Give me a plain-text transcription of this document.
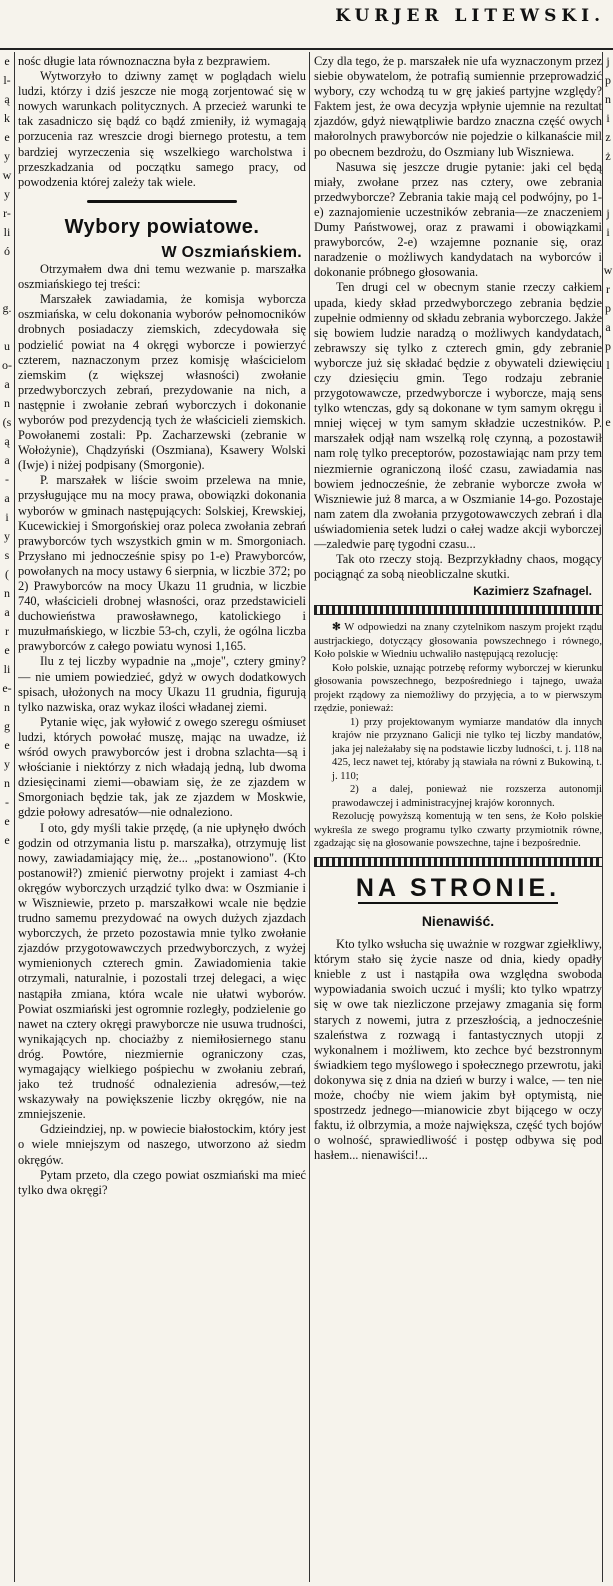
KURJER LITEWSKI.
e
l-
ą
k
e
y
w
y
r-
li
ó

g.

u
o-
a
n
(s
ą
a
-
a
i
y
s
(
n
a
r
e
li
e-
n
g
e
y
n
-
e
e
j
p
n
i
z
ż

j
i

w
r
p
a
p
l

e

nośc długie lata równoznaczna była z bezprawiem.

Wytworzyło to dziwny zamęt w poglądach wielu ludzi, którzy i dziś jeszcze nie mogą zorjentować się w nowych warunkach politycznych. A przecież warunki te tak zasadniczo się bądź co bądź zmieniły, iż wymagają porzucenia raz wreszcie drogi biernego protestu, a tem bardziej wyrzeczenia się wszelkiego warcholstwa i przeszkadzania od początku samego pracy, od powodzenia której zależy tak wiele.

Wybory powiatowe.
W Oszmiańskiem.

Otrzymałem dwa dni temu wezwanie p. marszałka oszmiańskiego tej treści:

Marszałek zawiadamia, że komisja wyborcza oszmiańska, w celu dokonania wyborów pełnomocników drobnych posiadaczy ziemskich, zdecydowała się podzielić powiat na 4 okręgi wyborcze i powierzyć czterem, naznaczonym przez komisję właścicielom ziemskim (z większej własności) zwołanie przedwyborczych zebrań, prezydowanie na nich, a następnie i zwołanie zebrań wyborczych i dokonanie wyborów pod prezydencją tych że właścicieli ziemskich. Powołanemi zostali: Pp. Zacharzewski (zebranie w Wołożynie), Chądzyński (Oszmiana), Ksawery Wolski (Iwje) i niżej podpisany (Smorgonie).

P. marszałek w liście swoim przelewa na mnie, przysługujące mu na mocy prawa, obowiązki dokonania wyborów w gminach następujących: Solskiej, Krewskiej, Kucewickiej i Smorgońskiej oraz poleca zwołania zebrań prawyborców tych wszystkich gmin w m. Smorgoniach. Przysłano mi jednocześnie spisy po 1-e) Prawyborców, powołanych na mocy ustawy 6 sierpnia, w liczbie 372; po 2) Prawyborców na mocy Ukazu 11 grudnia, w liczbie 740, właścicieli drobnej własności, oraz przedstawicieli duchowieństwa prawosławnego, katolickiego i muzułmańskiego, w liczbie 53-ch, czyli, że ogólna liczba prawyborców z całego powiatu wynosi 1,165.

Ilu z tej liczby wypadnie na „moje", cztery gminy? — nie umiem powiedzieć, gdyż w owych dodatkowych spisach, ułożonych na mocy Ukazu 11 grudnia, figurują tylko nazwiska, oraz wykaz ilości władanej ziemi.

Pytanie więc, jak wyłowić z owego szeregu ośmiuset ludzi, których powołać muszę, mając na uwadze, iż wśród owych prawyborców jest i drobna szlachta—są i włościanie i niektórzy z nich władają jedną, lub dwoma dziesięcinami ziemi—obawiam się, że ze zjazdem w Smorgoniach będzie tak, jak ze zjazdem w Moskwie, gdzie połowy adresatów—nie odnaleziono.

I oto, gdy myśli takie przędę, (a nie upłynęło dwóch godzin od otrzymania listu p. marszałka), otrzymuję list nowy, zawiadamiający mię, że... „postanowiono". (Kto postanowił?) zmienić pierwotny projekt i zamiast 4-ch okręgów wyborczych urządzić tylko dwa: w Oszmianie i w Wiszniewie, przeto p. marszałkowi wcale nie będzie trudno samemu prezydować na owych dużych zjazdach wyborczych, że przeto pozostawia mnie tylko zwołanie zjazdów przygotowawczych przedwyborczych, z wyżej wymienionych czterech gmin. Zawiadomienia takie otrzymali, naturalnie, i pozostali trzej delegaci, a więc nastąpiła zmiana, która wcale nie ułatwi wyborów. Powiat oszmiański jest ogromnie rozległy, podzielenie go nawet na cztery okręgi prawyborcze nie usuwa trudności, wynikających np. chociażby z niemiłosiernego stanu dróg. Powtóre, niezmiernie ograniczony czas, wymagający wielkiego pośpiechu w zwołaniu zebrań, jako też trudność odnalezienia adresów,—też wskazywały na powiększenie liczby okręgów, nie na zmniejszenie.

Gdzieindziej, np. w powiecie białostockim, który jest o wiele mniejszym od naszego, utworzono aż siedm okręgów.

Pytam przeto, dla czego powiat oszmiański ma mieć tylko dwa okręgi?

Czy dla tego, że p. marszałek nie ufa wyznaczonym przez siebie obywatelom, że potrafią sumiennie przeprowadzić wybory, czy wchodzą tu w grę jakieś partyjne względy? Faktem jest, że owa decyzja wpłynie ujemnie na rezultat zjazdów, gdyż niewątpliwie bardzo znaczna część owych małorolnych prawyborców nie pojedzie o kilkanaście mil po obecnem bezdrożu, do Oszmiany lub Wiszniewa.

Nasuwa się jeszcze drugie pytanie: jaki cel będą miały, zwołane przez nas cztery, owe zebrania przedwyborcze? Zebrania takie mają cel podwójny, po 1-e) zaznajomienie uczestników zebrania—ze znaczeniem Dumy Państwowej, oraz z prawami i obowiązkami prawyborców, 2-e) wzajemne poznanie się, oraz naradzenie o możliwych kandydatach na wyborców i dokonanie próbnego głosowania.

Ten drugi cel w obecnym stanie rzeczy całkiem upada, kiedy skład przedwyborczego zebrania będzie zupełnie odmienny od składu zebrania wyborczego. Jakże się bowiem ludzie naradzą o możliwych kandydatach, zebrawszy się tylko z czterech gmin, gdy zebranie wyborcze już się składać będzie z obywateli dziewięciu czy dziesięciu gmin. Tego rodzaju zebranie przygotowawcze, przedwyborcze i wyborcze, mają sens tylko wtenczas, gdy są dokonane w tym samym okręgu i mniej więcej w tym samym składzie uczestników. P. marszałek odjął nam wszelką rolę czynną, a pozostawił nam rolę tylko preceptorów, pozostawiając nam przy tem niezmiernie ograniczoną ilość czasu, zawiadamia nas bowiem jednocześnie, że zebranie wyborcze zwoła w Wiszniewie już 8 marca, a w Oszmianie 14-go. Pozostaje nam zatem dla zwołania przygotowawczych zebrań i dla uświadomienia setek ludzi o całej wadze akcji wyborczej—zaledwie parę tygodni czasu...

Tak oto rzeczy stoją. Bezprzykładny chaos, mogący pociągnąć za sobą nieobliczalne skutki.

Kazimierz Szafnagel.

✻ W odpowiedzi na znany czytelnikom naszym projekt rządu austrjackiego, dotyczący głosowania powszechnego i równego, Koło polskie w Wiedniu uchwaliło następującą rezolucję:

Koło polskie, uznając potrzebę reformy wyborczej w kierunku głosowania powszechnego, bezpośredniego i tajnego, uważa projekt rządowy za niemożliwy do przyjęcia, a to w pierwszym rzędzie, ponieważ:

1) przy projektowanym wymiarze mandatów dla innych krajów nie przyznano Galicji nie tylko tej liczby mandatów, jaka jej należałaby się na podstawie liczby ludności, t. j. 118 na 425, lecz nawet tej, któraby ją stawiała na równi z Bukowiną, t. j. 110;

2) a dalej, ponieważ nie rozszerza autonomji prawodawczej i administracyjnej krajów koronnych.

Rezolucję powyższą komentują w ten sens, że Koło polskie wykreśla ze swego programu tylko czwarty przymiotnik równe, zgadzając się na głosowanie powszechne, tajne i bezpośrednie.

NA STRONIE.
Nienawiść.

Kto tylko wsłucha się uważnie w rozgwar zgiełkliwy, którym stało się życie nasze od dnia, kiedy opadły knieble z ust i nastąpiła owa względna swoboda wypowiadania swoich uczuć i myśli; kto tylko wpatrzy się w owe tak niezliczone przejawy zmagania się form starych z nowemi, jutra z przeszłością, a jednocześnie szaleństwa z rozwagą i fantastycznych utopji z wykonalnem i możliwem, kto zechce być bezstronnym świadkiem tego myślowego i społecznego przewrotu, jaki dokonywa się z dnia na dzień w burzy i walce, — ten nie może, choćby nie wiem jakim był optymistą, nie spostrzedz jednego—mianowicie zbyt bijącego w oczy faktu, iż olbrzymia, a może największa, część tych bojów o wolność, sprawiedliwość i postęp odbywa się pod hasłem... nienawiści!...
